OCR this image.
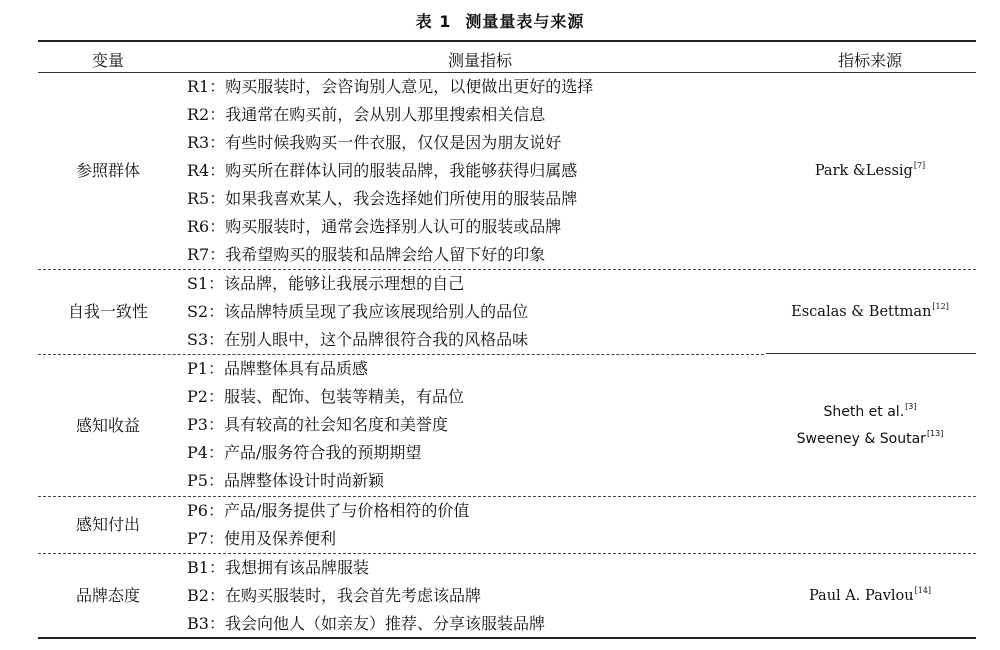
表 1 测量量表与来源
变量	测量指标	指标来源
参照群体
R1：购买服装时，会咨询别人意见，以便做出更好的选择
R2：我通常在购买前，会从别人那里搜索相关信息
R3：有些时候我购买一件衣服，仅仅是因为朋友说好
R4：购买所在群体认同的服装品牌，我能够获得归属感
R5：如果我喜欢某人，我会选择她们所使用的服装品牌
R6：购买服装时，通常会选择别人认可的服装或品牌
R7：我希望购买的服装和品牌会给人留下好的印象
Park &Lessig[7]
自我一致性
S1：该品牌，能够让我展示理想的自己
S2：该品牌特质呈现了我应该展现给别人的品位
S3：在别人眼中，这个品牌很符合我的风格品味
Escalas & Bettman[12]
感知收益
P1：品牌整体具有品质感
P2：服装、配饰、包装等精美，有品位
P3：具有较高的社会知名度和美誉度
P4：产品/服务符合我的预期期望
P5：品牌整体设计时尚新颖
Sheth et al.[3]
Sweeney & Soutar[13]
感知付出
P6：产品/服务提供了与价格相符的价值
P7：使用及保养便利
品牌态度
B1：我想拥有该品牌服装
B2：在购买服装时，我会首先考虑该品牌
B3：我会向他人（如亲友）推荐、分享该服装品牌
Paul A. Pavlou[14]
